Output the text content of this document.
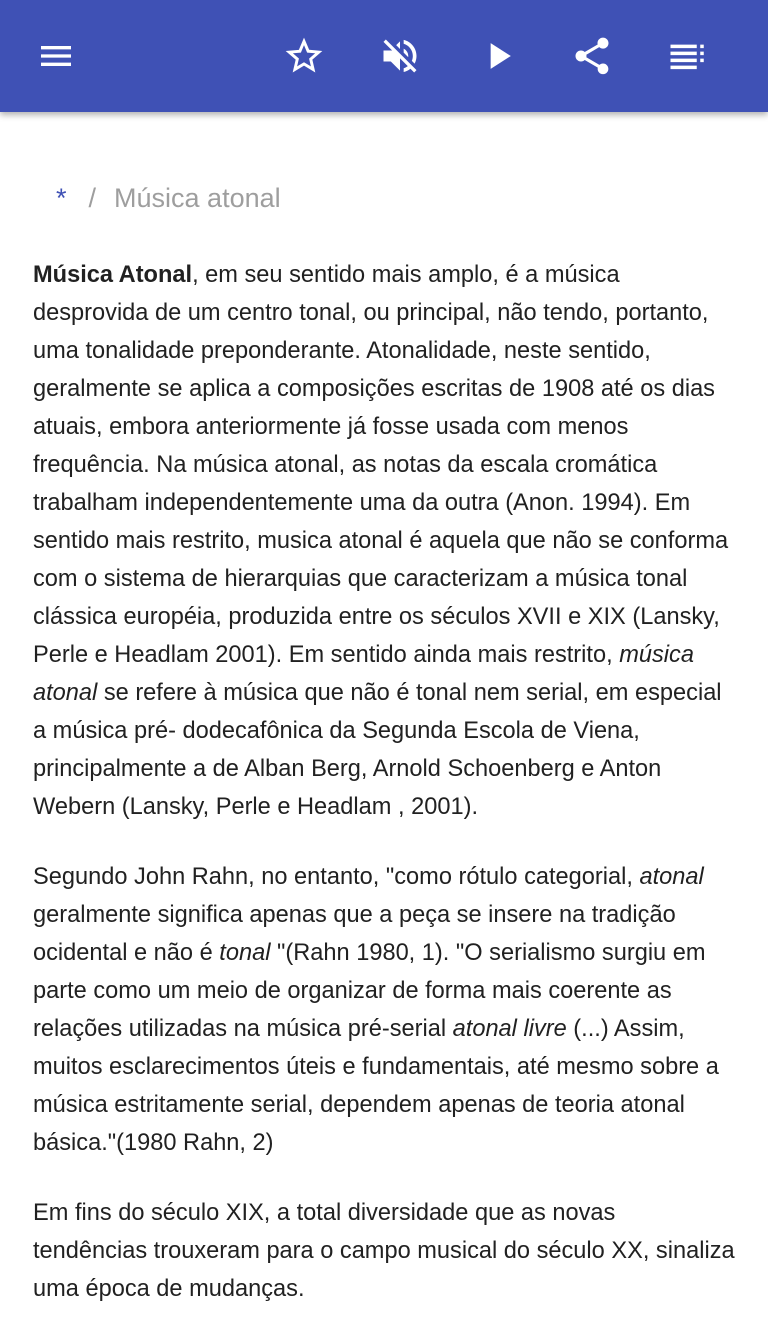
* / Música atonal

Música Atonal, em seu sentido mais amplo, é a música desprovida de um centro tonal, ou principal, não tendo, portanto, uma tonalidade preponderante. Atonalidade, neste sentido, geralmente se aplica a composições escritas de 1908 até os dias atuais, embora anteriormente já fosse usada com menos frequência. Na música atonal, as notas da escala cromática trabalham independentemente uma da outra (Anon. 1994). Em sentido mais restrito, musica atonal é aquela que não se conforma com o sistema de hierarquias que caracterizam a música tonal clássica européia, produzida entre os séculos XVII e XIX (Lansky, Perle e Headlam 2001). Em sentido ainda mais restrito, música atonal se refere à música que não é tonal nem serial, em especial a música pré- dodecafônica da Segunda Escola de Viena, principalmente a de Alban Berg, Arnold Schoenberg e Anton Webern (Lansky, Perle e Headlam , 2001).

Segundo John Rahn, no entanto, "como rótulo categorial, atonal geralmente significa apenas que a peça se insere na tradição ocidental e não é tonal "(Rahn 1980, 1). "O serialismo surgiu em parte como um meio de organizar de forma mais coerente as relações utilizadas na música pré-serial atonal livre (...) Assim, muitos esclarecimentos úteis e fundamentais, até mesmo sobre a música estritamente serial, dependem apenas de teoria atonal básica."(1980 Rahn, 2)

Em fins do século XIX, a total diversidade que as novas tendências trouxeram para o campo musical do século XX, sinaliza uma época de mudanças.
